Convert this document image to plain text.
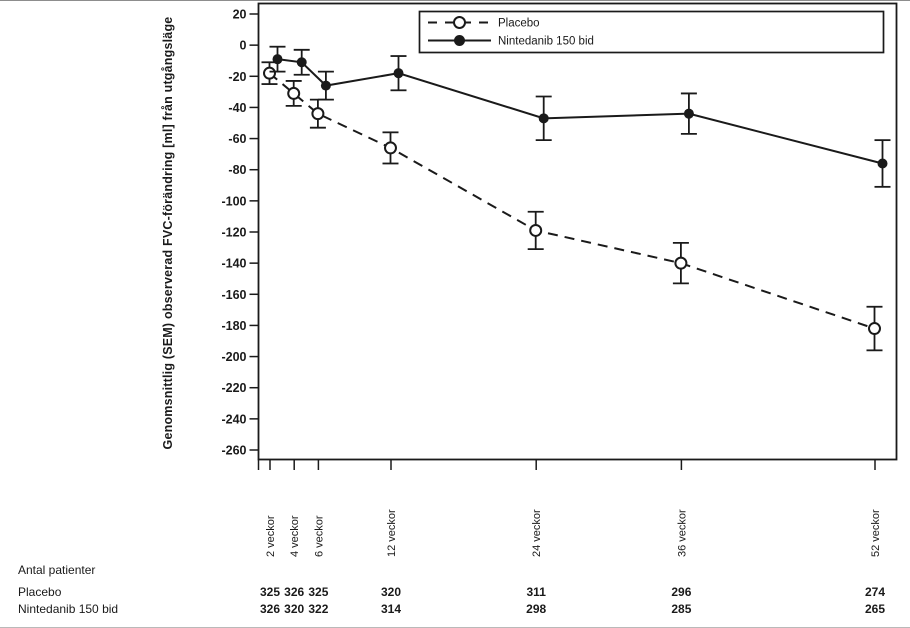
Genomsnittlig (SEM) observerad FVC-förändring [ml] från utgångsläge
20
0
-20
-40
-60
-80
-100
-120
-140
-160
-180
-200
-220
-240
-260
2 veckor 4 veckor 6 veckor	12 veckor	24 veckor	36 veckor	52 veckor
Placebo
Nintedanib 150 bid
Antal patienter
Placebo
Nintedanib 150 bid
325 326 325	320	311	296	274
326 320 322	314	298	285	265
